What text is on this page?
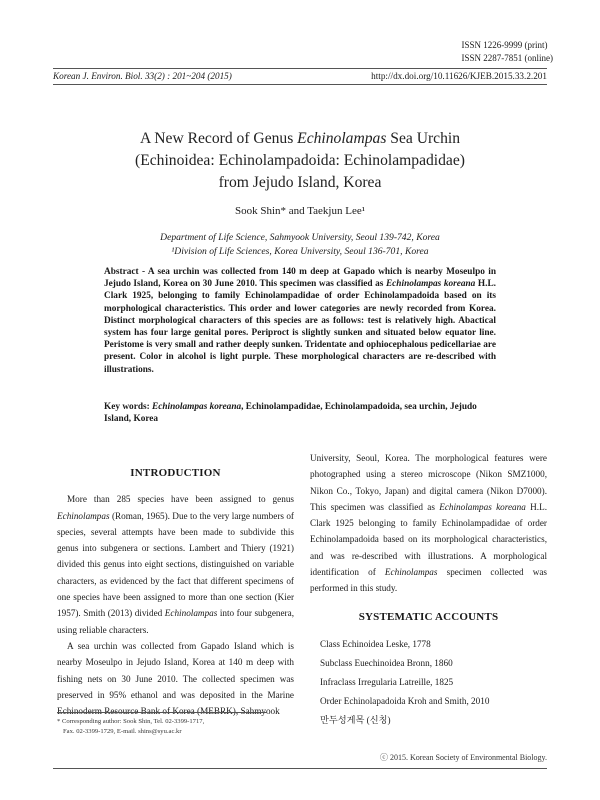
ISSN 1226-9999 (print)
ISSN 2287-7851 (online)
Korean J. Environ. Biol. 33(2) : 201~204 (2015)	http://dx.doi.org/10.11626/KJEB.2015.33.2.201
A New Record of Genus Echinolampas Sea Urchin
(Echinoidea: Echinolampadoida: Echinolampadidae)
from Jejudo Island, Korea
Sook Shin* and Taekjun Lee¹
Department of Life Science, Sahmyook University, Seoul 139-742, Korea
¹Division of Life Sciences, Korea University, Seoul 136-701, Korea
Abstract - A sea urchin was collected from 140 m deep at Gapado which is nearby Moseulpo in Jejudo Island, Korea on 30 June 2010. This specimen was classified as Echinolampas koreana H.L. Clark 1925, belonging to family Echinolampadidae of order Echinolampadoida based on its morphological characteristics. This order and lower categories are newly recorded from Korea. Distinct morphological characters of this species are as follows: test is relatively high. Abactical system has four large genital pores. Periproct is slightly sunken and situated below equator line. Peristome is very small and rather deeply sunken. Tridentate and ophiocephalous pedicellariae are present. Color in alcohol is light purple. These morphological characters are re-described with illustrations.
Key words: Echinolampas koreana, Echinolampadidae, Echinolampadoida, sea urchin, Jejudo Island, Korea
INTRODUCTION

More than 285 species have been assigned to genus Echinolampas (Roman, 1965). Due to the very large numbers of species, several attempts have been made to subdivide this genus into subgenera or sections. Lambert and Thiery (1921) divided this genus into eight sections, distinguished on variable characters, as evidenced by the fact that different specimens of one species have been assigned to more than one section (Kier 1957). Smith (2013) divided Echinolampas into four subgenera, using reliable characters.

A sea urchin was collected from Gapado Island which is nearby Moseulpo in Jejudo Island, Korea at 140 m deep with fishing nets on 30 June 2010. The collected specimen was preserved in 95% ethanol and was deposited in the Marine Echinoderm Resource Bank of Korea (MEBRK), Sahmyook

University, Seoul, Korea. The morphological features were photographed using a stereo microscope (Nikon SMZ1000, Nikon Co., Tokyo, Japan) and digital camera (Nikon D7000). This specimen was classified as Echinolampas koreana H.L. Clark 1925 belonging to family Echinolampadidae of order Echinolampadoida based on its morphological characteristics, and was re-described with illustrations. A morphological identification of Echinolampas specimen collected was performed in this study.

SYSTEMATIC ACCOUNTS
Class Echinoidea Leske, 1778
Subclass Euechinoidea Bronn, 1860
Infraclass Irregularia Latreille, 1825
Order Echinolapadoida Kroh and Smith, 2010
만두성게목 (신칭)
* Corresponding author: Sook Shin, Tel. 02-3399-1717,
Fax. 02-3399-1729, E-mail. shins@syu.ac.kr
ⓒ 2015. Korean Society of Environmental Biology.
